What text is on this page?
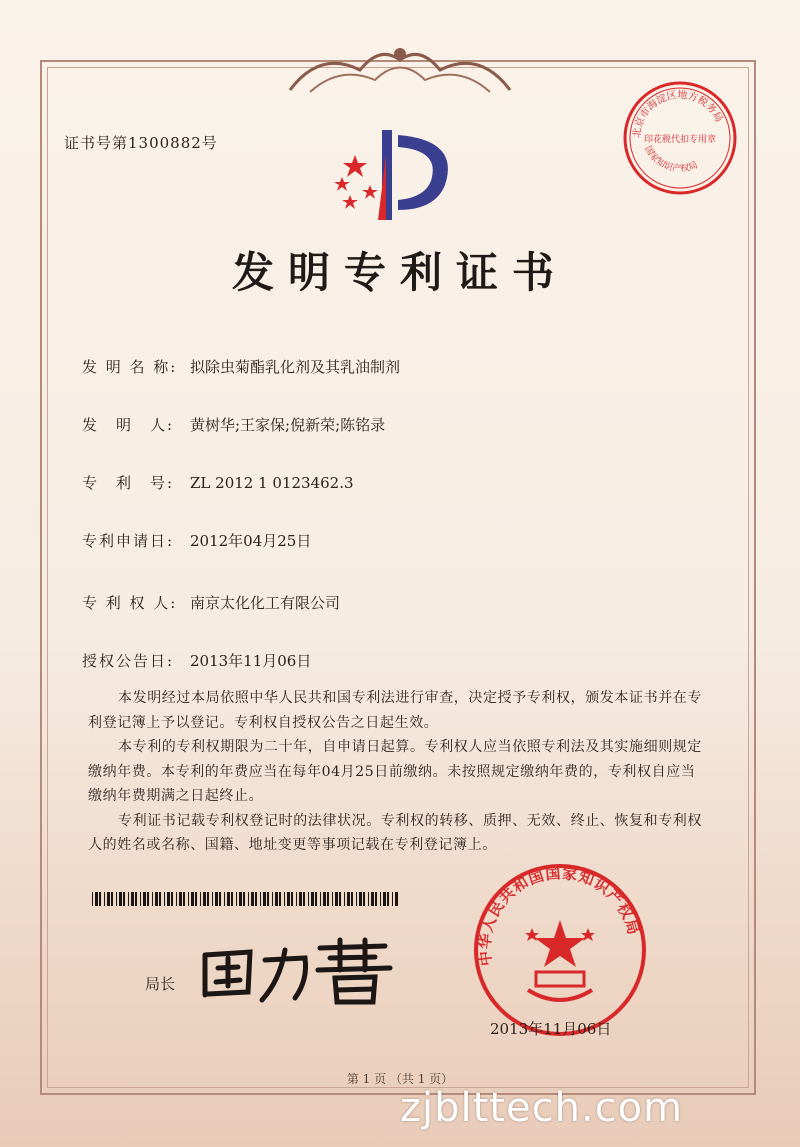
证书号第1300882号
北京市海淀区地方税务局
印花税代扣专用章
国家知识产权局
发明专利证书
发 明 名 称: 拟除虫菊酯乳化剂及其乳油制剂
发　明　人: 黄树华;王家保;倪新荣;陈铭录
专　利　号: ZL 2012 1 0123462.3
专利申请日: 2012年04月25日
专 利 权 人: 南京太化化工有限公司
授权公告日: 2013年11月06日

本发明经过本局依照中华人民共和国专利法进行审查，决定授予专利权，颁发本证书并在专利登记簿上予以登记。专利权自授权公告之日起生效。

本专利的专利权期限为二十年，自申请日起算。专利权人应当依照专利法及其实施细则规定缴纳年费。本专利的年费应当在每年04月25日前缴纳。未按照规定缴纳年费的，专利权自应当缴纳年费期满之日起终止。

专利证书记载专利权登记时的法律状况。专利权的转移、质押、无效、终止、恢复和专利权人的姓名或名称、国籍、地址变更等事项记载在专利登记簿上。

局长
中华人民共和国国家知识产权局
2013年11月06日
第 1 页 （共 1 页）
zjblttech.com
